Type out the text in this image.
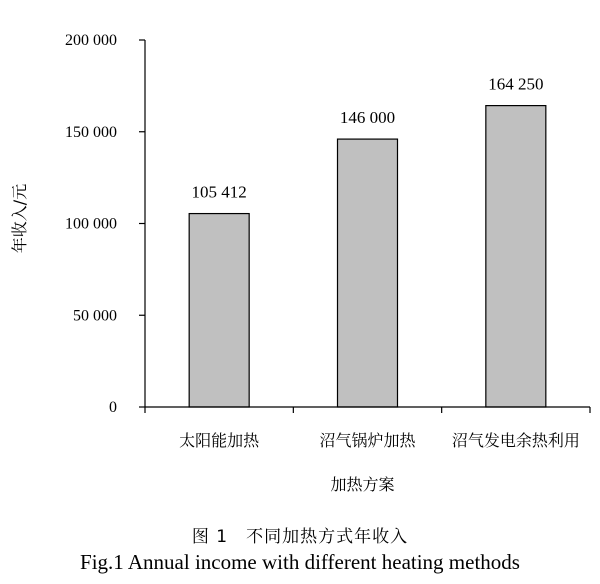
0
50 000
100 000
150 000
200 000
105 412
146 000
164 250
太阳能加热	沼气锅炉加热 沼气发电余热利用
年收入/元
加热方案
图 1　不同加热方式年收入
Fig.1 Annual income with different heating methods
